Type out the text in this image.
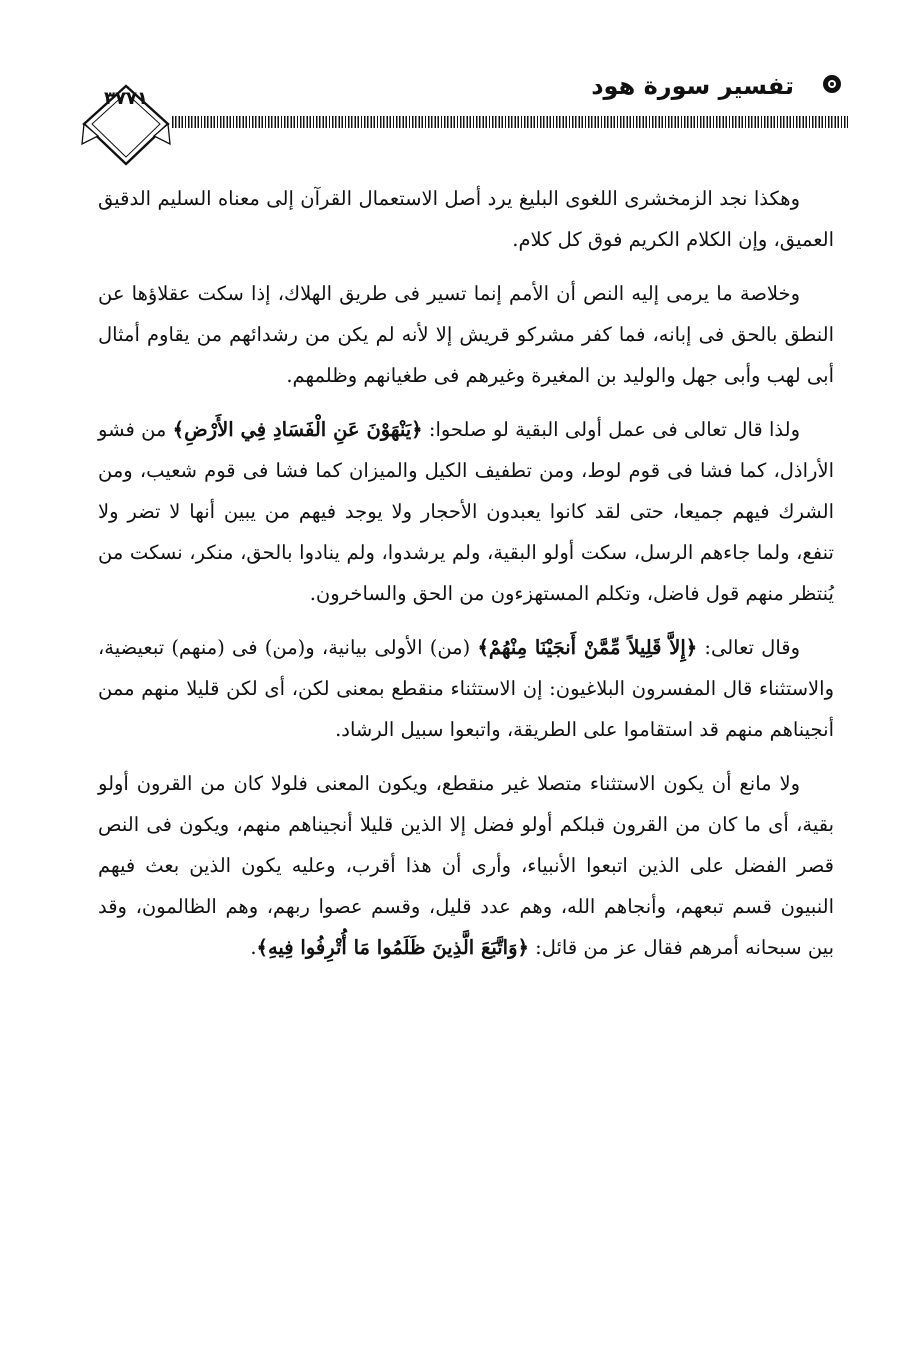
تفسير سورة هود
٣٧٧١

وهكذا نجد الزمخشرى اللغوى البليغ يرد أصل الاستعمال القرآن إلى معناه السليم الدقيق العميق، وإن الكلام الكريم فوق كل كلام.

وخلاصة ما يرمى إليه النص أن الأمم إنما تسير فى طريق الهلاك، إذا سكت عقلاؤها عن النطق بالحق فى إبانه، فما كفر مشركو قريش إلا لأنه لم يكن من رشدائهم من يقاوم أمثال أبى لهب وأبى جهل والوليد بن المغيرة وغيرهم فى طغيانهم وظلمهم.

ولذا قال تعالى فى عمل أولى البقية لو صلحوا: ﴿يَنْهَوْنَ عَنِ الْفَسَادِ فِي الأَرْضِ﴾ من فشو الأراذل، كما فشا فى قوم لوط، ومن تطفيف الكيل والميزان كما فشا فى قوم شعيب، ومن الشرك فيهم جميعا، حتى لقد كانوا يعبدون الأحجار ولا يوجد فيهم من يبين أنها لا تضر ولا تنفع، ولما جاءهم الرسل، سكت أولو البقية، ولم يرشدوا، ولم ينادوا بالحق، منكر، نسكت من يُنتظر منهم قول فاضل، وتكلم المستهزءون من الحق والساخرون.

وقال تعالى: ﴿إِلاَّ قَلِيلاً مِّمَّنْ أَنجَيْنَا مِنْهُمْ﴾ (من) الأولى بيانية، و(من) فى (منهم) تبعيضية، والاستثناء قال المفسرون البلاغيون: إن الاستثناء منقطع بمعنى لكن، أى لكن قليلا منهم ممن أنجيناهم منهم قد استقاموا على الطريقة، واتبعوا سبيل الرشاد.

ولا مانع أن يكون الاستثناء متصلا غير منقطع، ويكون المعنى فلولا كان من القرون أولو بقية، أى ما كان من القرون قبلكم أولو فضل إلا الذين قليلا أنجيناهم منهم، ويكون فى النص قصر الفضل على الذين اتبعوا الأنبياء، وأرى أن هذا أقرب، وعليه يكون الذين بعث فيهم النبيون قسم تبعهم، وأنجاهم الله، وهم عدد قليل، وقسم عصوا ربهم، وهم الظالمون، وقد بين سبحانه أمرهم فقال عز من قائل: ﴿وَاتَّبَعَ الَّذِينَ ظَلَمُوا مَا أُتْرِفُوا فِيهِ﴾.
